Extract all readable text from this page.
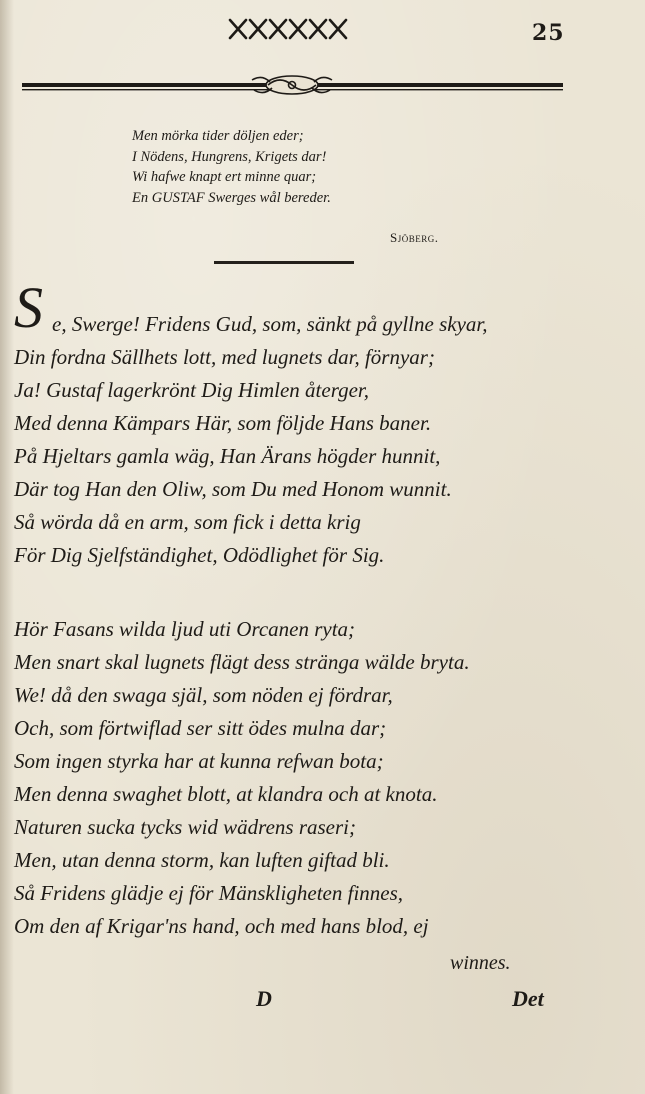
25
Men mörka tider döljen eder;
I Nödens, Hungrens, Krigets dar!
Wi hafwe knapt ert minne quar;
En GUSTAF Swerges wål bereder.
Sjöberg.
S e, Swerge! Fridens Gud, som, sänkt på gyllne skyar,
Din fordna Sällhets lott, med lugnets dar, förnyar;
Ja! Gustaf lagerkrönt Dig Himlen återger,
Med denna Kämpars Här, som följde Hans baner.
På Hjeltars gamla wäg, Han Ärans högder hunnit,
Där tog Han den Oliw, som Du med Honom wunnit.
Så wörda då en arm, som fick i detta krig
För Dig Sjelfständighet, Odödlighet för Sig.
Hör Fasans wilda ljud uti Orcanen ryta;
Men snart skal lugnets flägt dess stränga wälde bryta.
We! då den swaga själ, som nöden ej fördrar,
Och, som förtwiflad ser sitt ödes mulna dar;
Som ingen styrka har at kunna refwan bota;
Men denna swaghet blott, at klandra och at knota.
Naturen sucka tycks wid wädrens raseri;
Men, utan denna storm, kan luften giftad bli.
Så Fridens glädje ej för Mänskligheten finnes,
Om den af Krigar'ns hand, och med hans blod, ej
winnes.
D	Det
